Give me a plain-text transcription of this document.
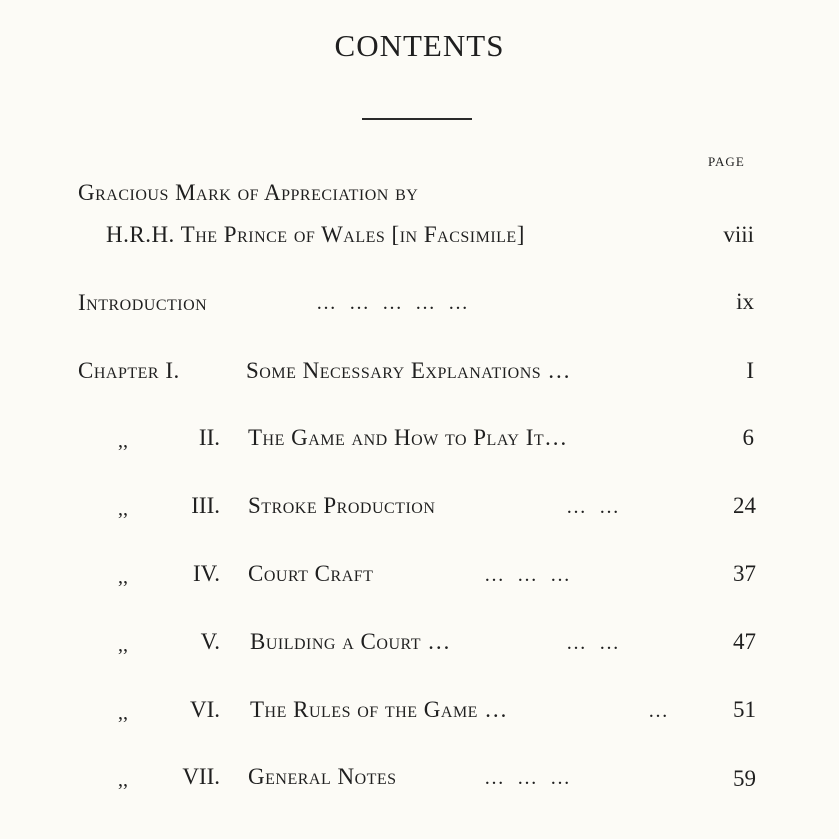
CONTENTS
PAGE
Gracious Mark of Appreciation by
H.R.H. The Prince of Wales [in Facsimile]	viii
Introduction	… … … … …	ix
Chapter I.	Some Necessary Explanations …	I
,,	II. The Game and How to Play It…	6
,,	III. Stroke Production	… …	24
,,	IV. Court Craft	… … …	37
,,	V. Building a Court …	… …	47
,,	VI. The Rules of the Game …	…	51
,,	VII. General Notes	… … …	59
